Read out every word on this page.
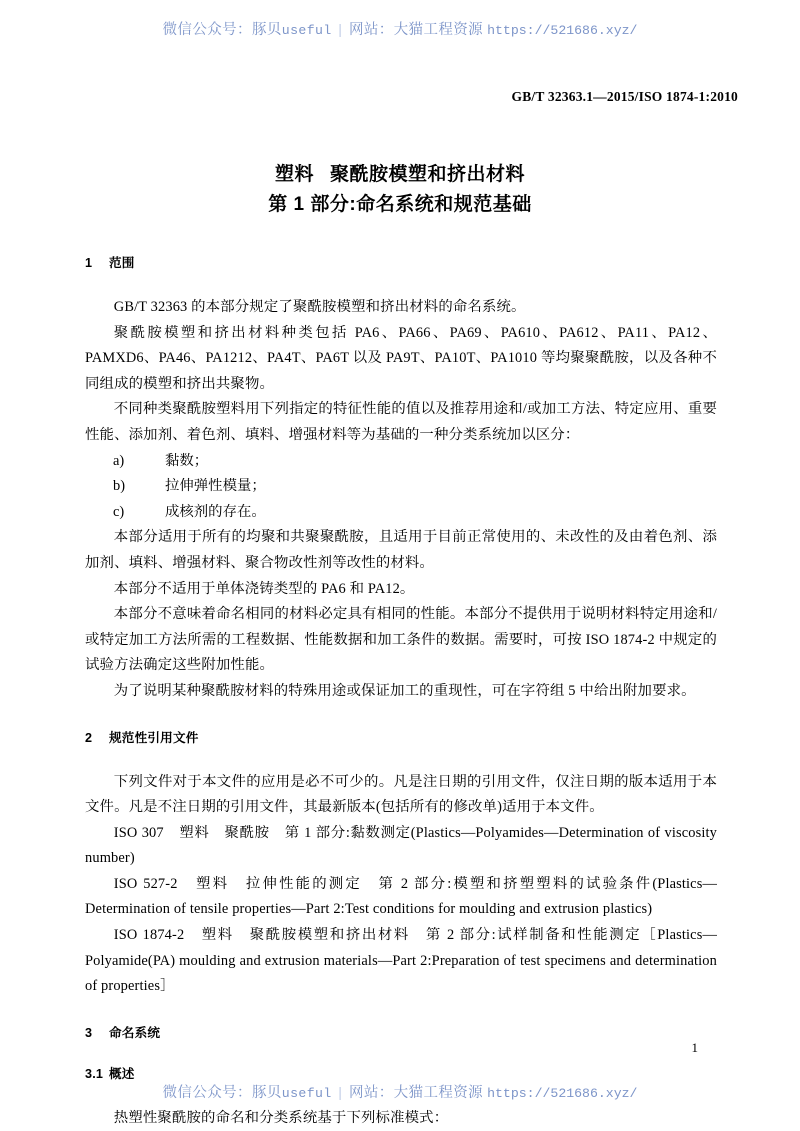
微信公众号：豚贝useful | 网站：大猫工程资源 https://521686.xyz/
GB/T 32363.1—2015/ISO 1874-1:2010
塑料 聚酰胺模塑和挤出材料
第 1 部分:命名系统和规范基础
1 范围

GB/T 32363 的本部分规定了聚酰胺模塑和挤出材料的命名系统。

聚酰胺模塑和挤出材料种类包括 PA6、PA66、PA69、PA610、PA612、PA11、PA12、PAMXD6、PA46、PA1212、PA4T、PA6T 以及 PA9T、PA10T、PA1010 等均聚聚酰胺，以及各种不同组成的模塑和挤出共聚物。

不同种类聚酰胺塑料用下列指定的特征性能的值以及推荐用途和/或加工方法、特定应用、重要性能、添加剂、着色剂、填料、增强材料等为基础的一种分类系统加以区分：

a)	黏数；
b)	拉伸弹性模量；
c)	成核剂的存在。

本部分适用于所有的均聚和共聚聚酰胺，且适用于目前正常使用的、未改性的及由着色剂、添加剂、填料、增强材料、聚合物改性剂等改性的材料。

本部分不适用于单体浇铸类型的 PA6 和 PA12。

本部分不意味着命名相同的材料必定具有相同的性能。本部分不提供用于说明材料特定用途和/或特定加工方法所需的工程数据、性能数据和加工条件的数据。需要时，可按 ISO 1874-2 中规定的试验方法确定这些附加性能。

为了说明某种聚酰胺材料的特殊用途或保证加工的重现性，可在字符组 5 中给出附加要求。

2 规范性引用文件

下列文件对于本文件的应用是必不可少的。凡是注日期的引用文件，仅注日期的版本适用于本文件。凡是不注日期的引用文件，其最新版本(包括所有的修改单)适用于本文件。

ISO 307　塑料　聚酰胺　第 1 部分:黏数测定(Plastics—Polyamides—Determination of viscosity number)

ISO 527-2　塑料　拉伸性能的测定　第 2 部分:模塑和挤塑塑料的试验条件(Plastics—Determination of tensile properties—Part 2:Test conditions for moulding and extrusion plastics)

ISO 1874-2　塑料　聚酰胺模塑和挤出材料　第 2 部分:试样制备和性能测定［Plastics—Polyamide(PA) moulding and extrusion materials—Part 2:Preparation of test specimens and determination of properties］

3 命名系统
3.1 概述

热塑性聚酰胺的命名和分类系统基于下列标准模式：

1
微信公众号：豚贝useful | 网站：大猫工程资源 https://521686.xyz/
